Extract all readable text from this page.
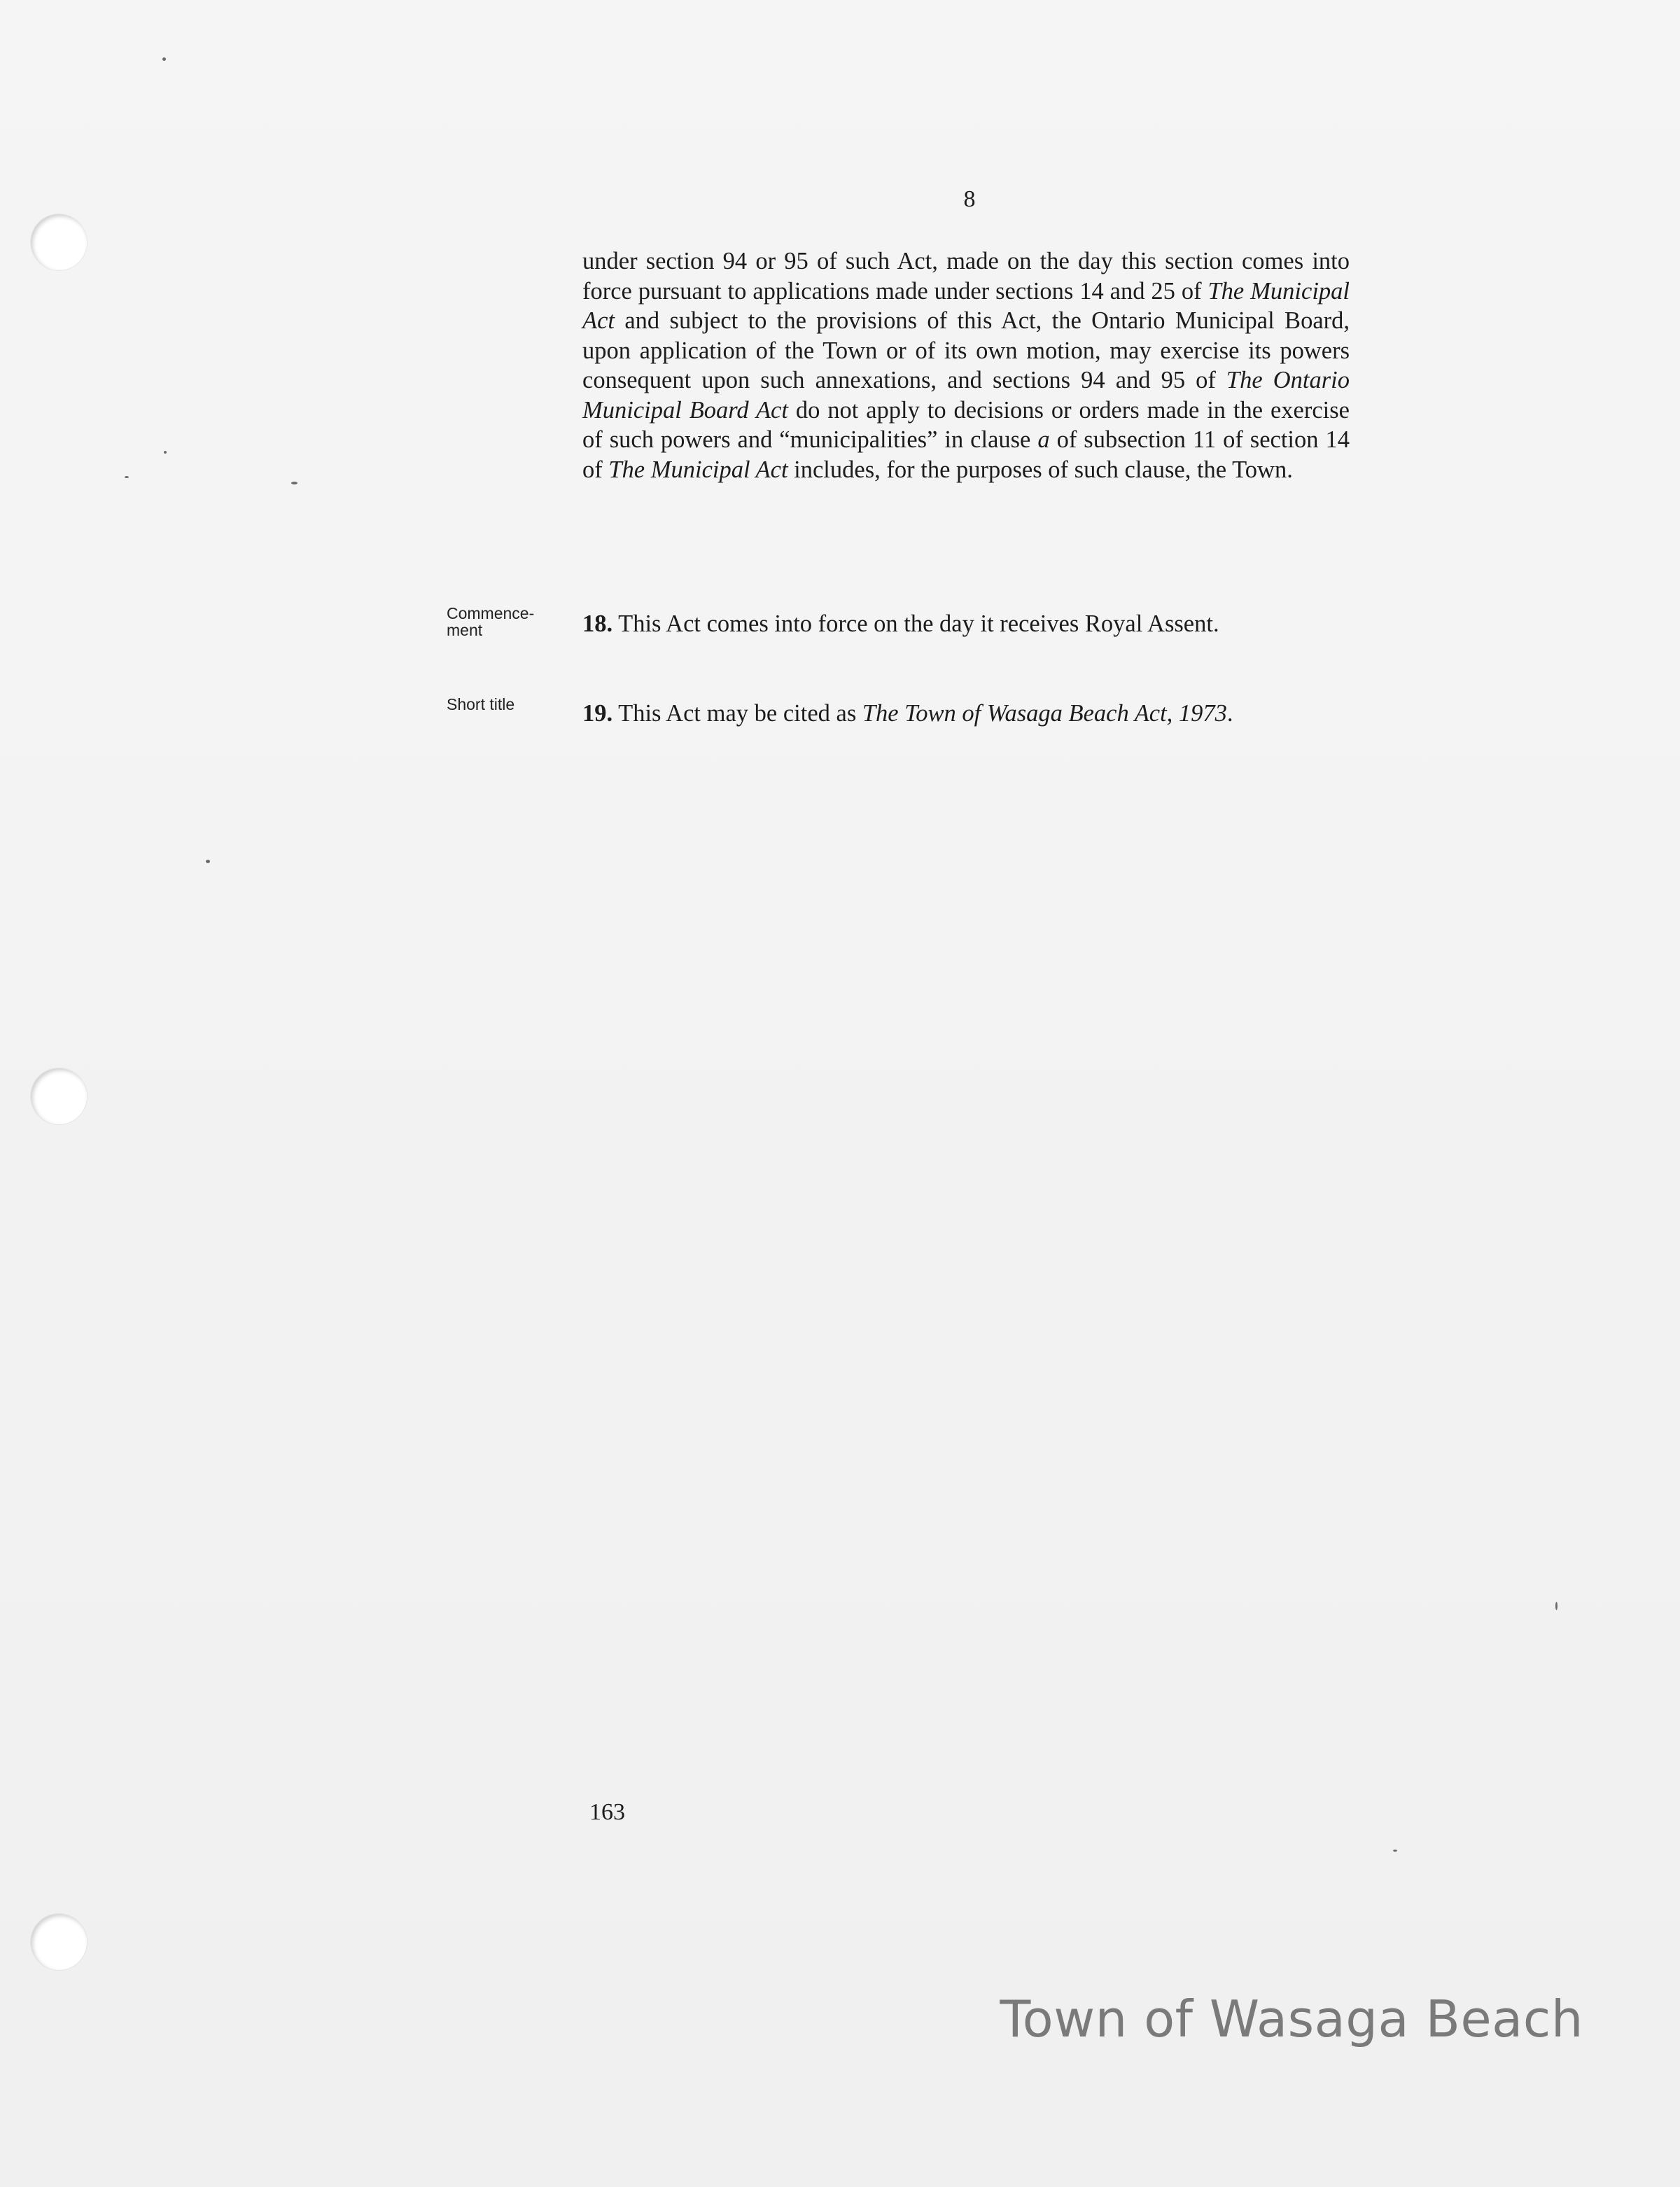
8
under section 94 or 95 of such Act, made on the day this section comes into force pursuant to applications made under sections 14 and 25 of The Municipal Act and subject to the provisions of this Act, the Ontario Municipal Board, upon application of the Town or of its own motion, may exercise its powers consequent upon such annexations, and sections 94 and 95 of The Ontario Municipal Board Act do not apply to decisions or orders made in the exercise of such powers and “municipalities” in clause a of subsection 11 of section 14 of The Municipal Act includes, for the purposes of such clause, the Town.
Commence-
ment	18. This Act comes into force on the day it receives Royal Assent.
Short title	19. This Act may be cited as The Town of Wasaga Beach Act, 1973.
163
Town of Wasaga Beach
